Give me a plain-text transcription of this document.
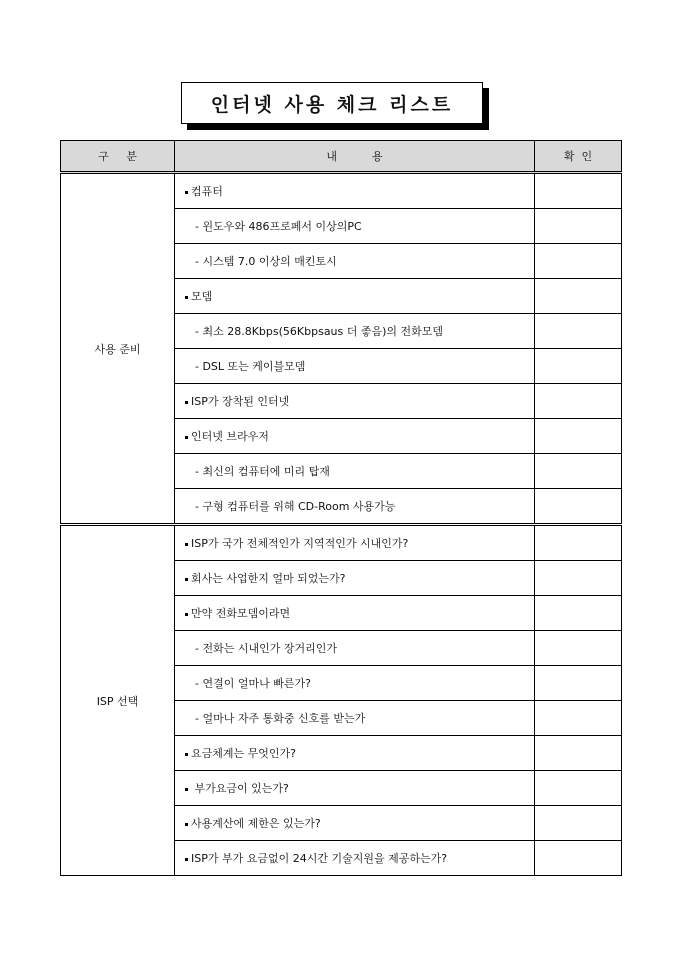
인터넷 사용 체크 리스트
구     분	내          용	확  인
사용 준비	컴퓨터	
	- 윈도우와 486프로페서 이상의PC	
	- 시스템 7.0 이상의 매킨토시	
	모뎀	
	- 최소 28.8Kbps(56Kbpsaus 더 좋음)의 전화모뎀	
	- DSL 또는 케이블모뎀	
	ISP가 장착된 인터넷	
	인터넷 브라우저	
	- 최신의 컴퓨터에 미리 탑재	
	- 구형 컴퓨터를 위해 CD-Room 사용가능	
ISP 선택	ISP가 국가 전체적인가 지역적인가 시내인가?	
	회사는 사업한지 얼마 되었는가?	
	만약 전화모뎀이라면	
	- 전화는 시내인가 장거리인가	
	- 연결이 얼마나 빠른가?	
	- 얼마나 자주 통화중 신호를 받는가	
	요금체계는 무엇인가?	
	부가요금이 있는가?	
	사용계산에 제한은 있는가?	
	ISP가 부가 요금없이 24시간 기술지원을 제공하는가?	
